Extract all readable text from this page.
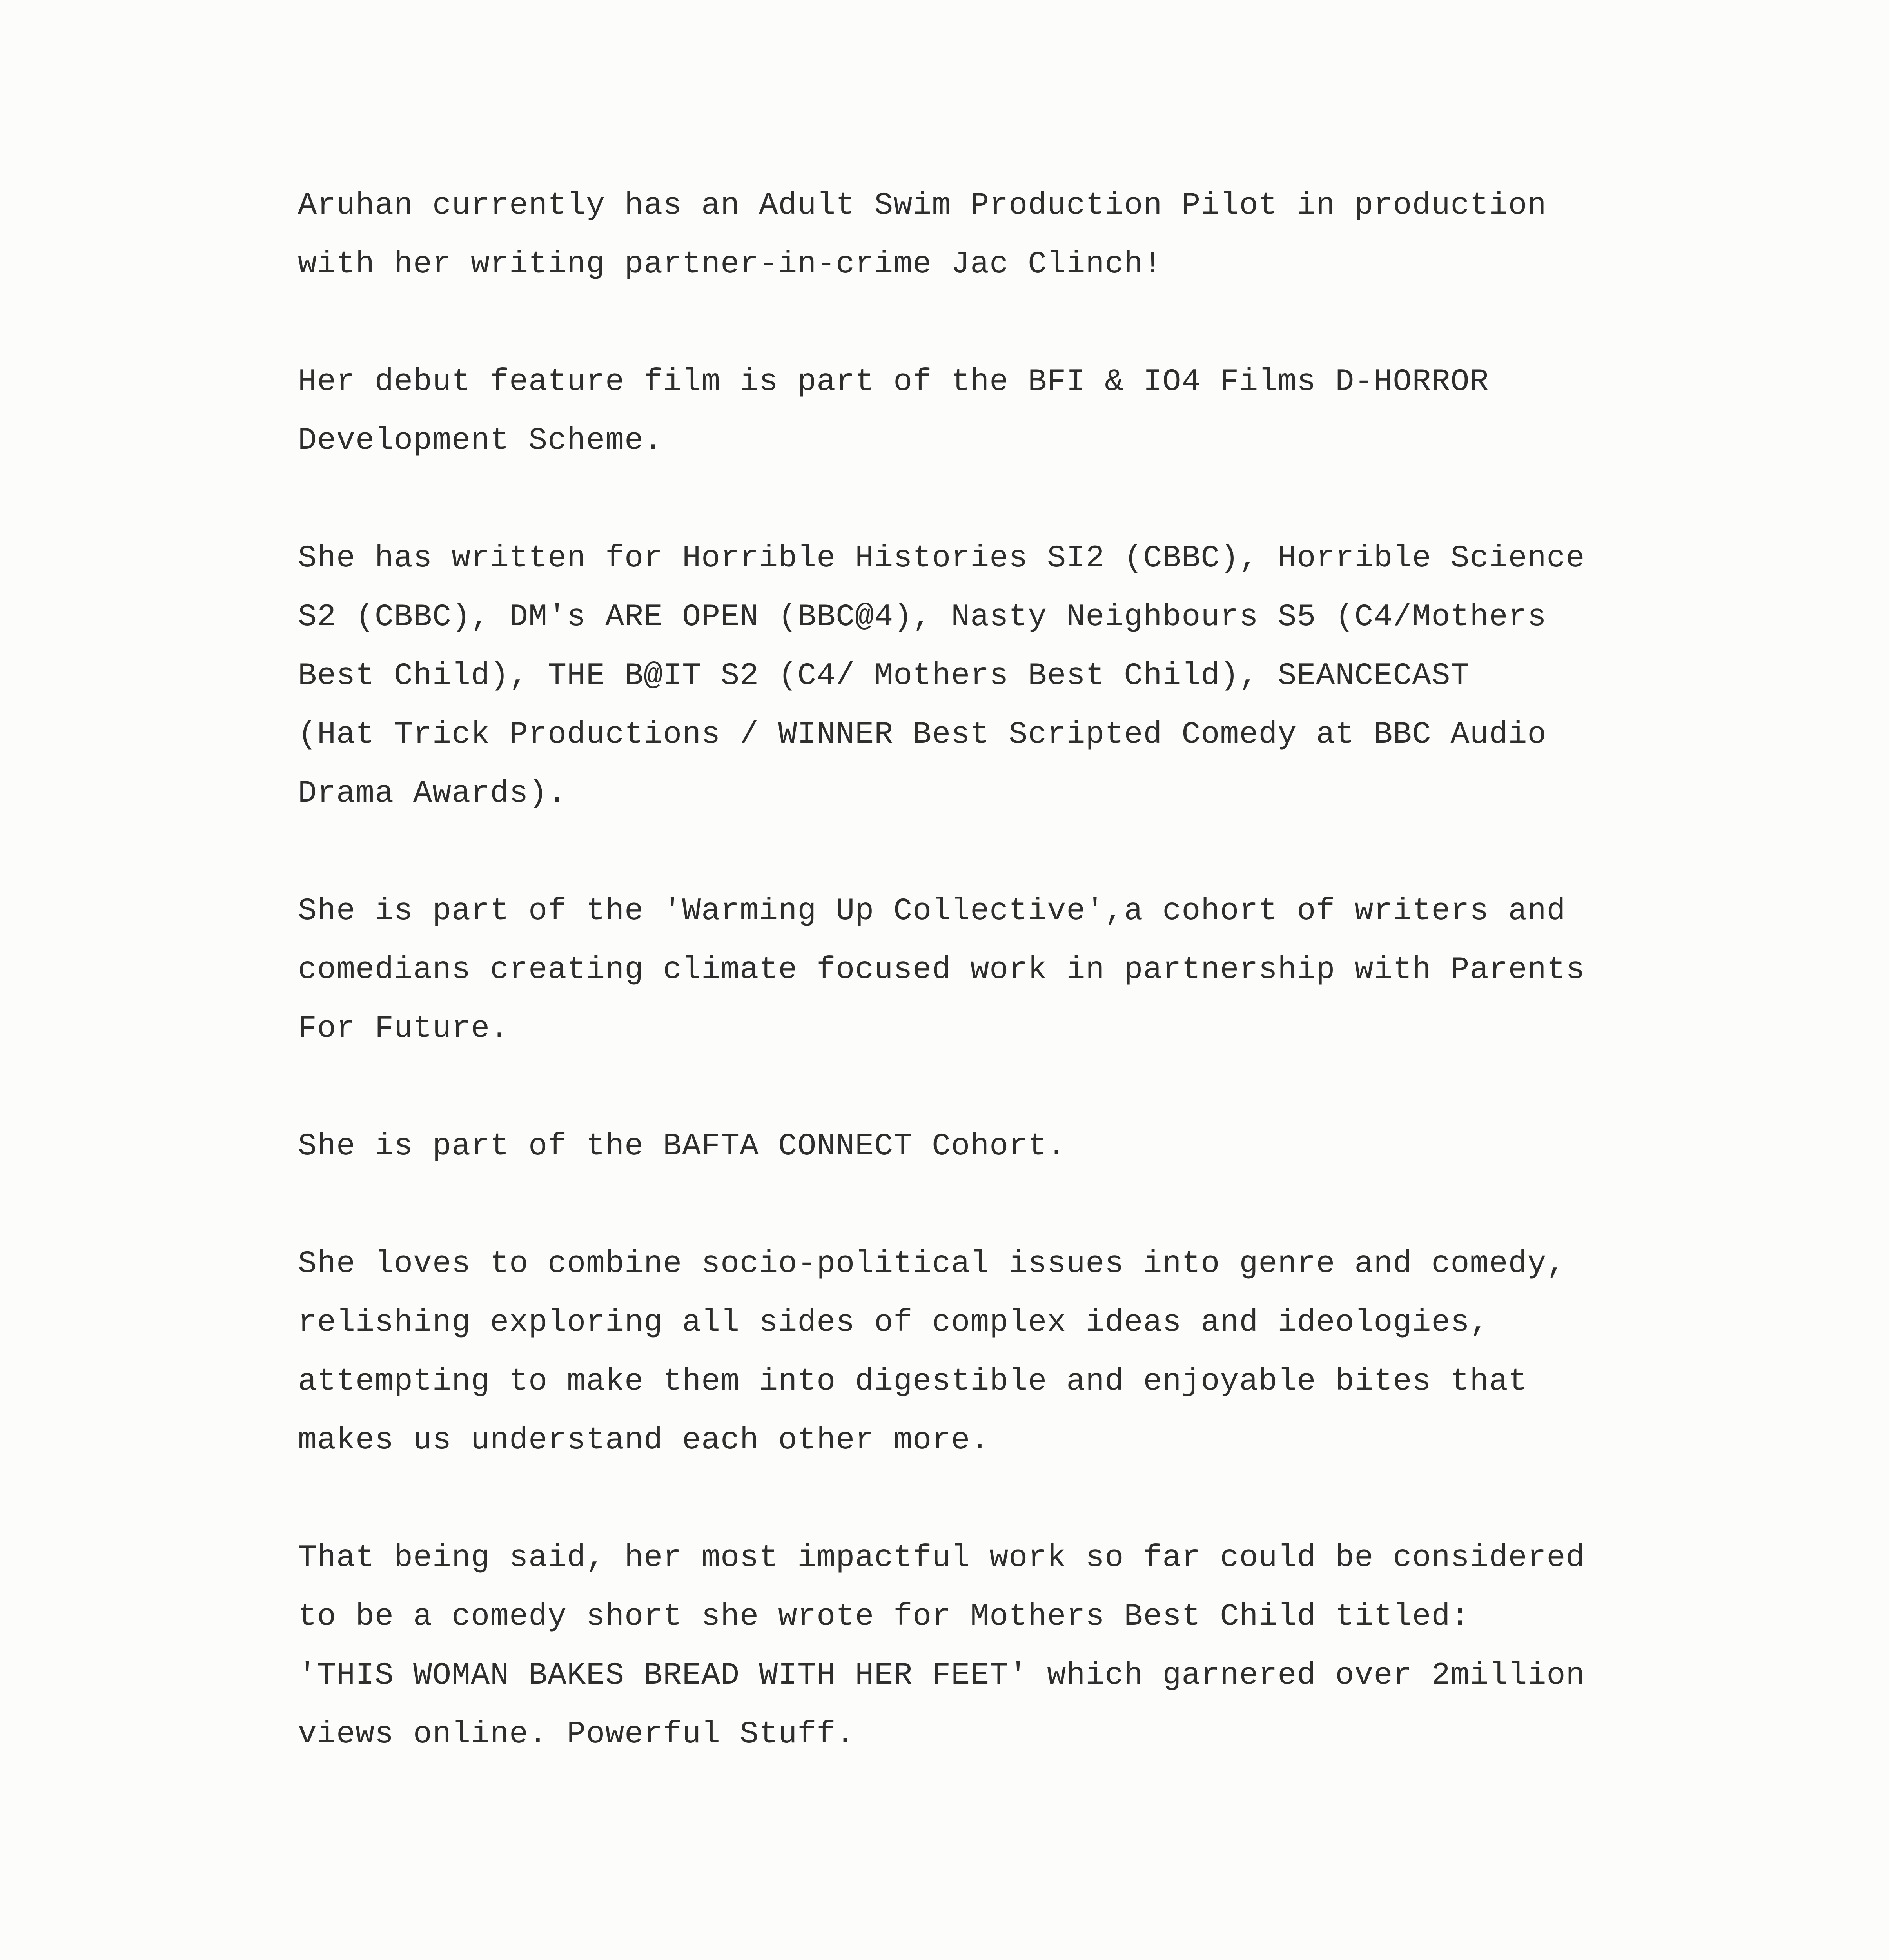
Aruhan currently has an Adult Swim Production Pilot in production
with her writing partner-in-crime Jac Clinch!

Her debut feature film is part of the BFI & IO4 Films D-HORROR
Development Scheme.

She has written for Horrible Histories SI2 (CBBC), Horrible Science
S2 (CBBC), DM's ARE OPEN (BBC@4), Nasty Neighbours S5 (C4/Mothers
Best Child), THE B@IT S2 (C4/ Mothers Best Child), SEANCECAST
(Hat Trick Productions / WINNER Best Scripted Comedy at BBC Audio
Drama Awards).

She is part of the 'Warming Up Collective',a cohort of writers and
comedians creating climate focused work in partnership with Parents
For Future.

She is part of the BAFTA CONNECT Cohort.

She loves to combine socio-political issues into genre and comedy,
relishing exploring all sides of complex ideas and ideologies,
attempting to make them into digestible and enjoyable bites that
makes us understand each other more.

That being said, her most impactful work so far could be considered
to be a comedy short she wrote for Mothers Best Child titled:
'THIS WOMAN BAKES BREAD WITH HER FEET' which garnered over 2million
views online. Powerful Stuff.
